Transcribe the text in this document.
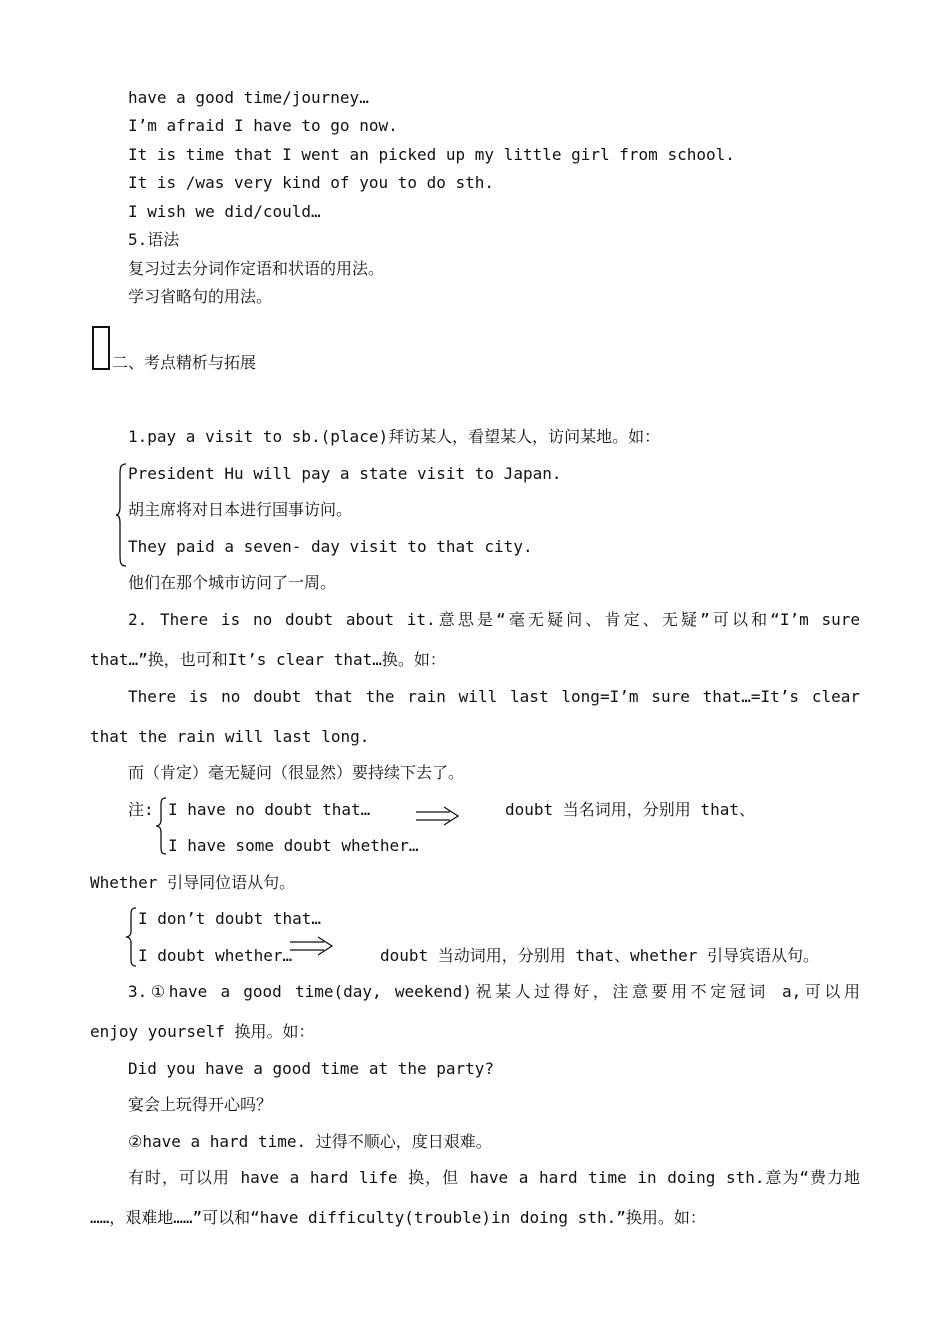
have a good time/journey…
I’m afraid I have to go now.
It is time that I went an picked up my little girl from school.
It is /was very kind of you to do sth.
I wish we did/could…
5.语法
复习过去分词作定语和状语的用法。
学习省略句的用法。
二、考点精析与拓展
1.pay a visit to sb.(place)拜访某人，看望某人，访问某地。如：
President Hu will pay a state visit to Japan.
胡主席将对日本进行国事访问。
They paid a seven- day visit to that city.
他们在那个城市访问了一周。
2. There is no doubt about it.意思是“毫无疑问、肯定、无疑”可以和“I’m sure
that…”换，也可和It’s clear that…换。如：
There is no doubt that the rain will last long=I’m sure that…=It’s clear
that the rain will last long.
而（肯定）毫无疑问（很显然）要持续下去了。
注: I have no doubt that…	doubt 当名词用，分别用 that、
I have some doubt whether…
Whether 引导同位语从句。
I don’t doubt that…
I doubt whether…	doubt 当动词用，分别用 that、whether 引导宾语从句。
3.①have a good time(day, weekend)祝某人过得好，注意要用不定冠词 a,可以用
enjoy yourself 换用。如：
Did you have a good time at the party?
宴会上玩得开心吗？
②have a hard time. 过得不顺心，度日艰难。
有时，可以用 have a hard life 换，但 have a hard time in doing sth.意为“费力地
……，艰难地……”可以和“have difficulty(trouble)in doing sth.”换用。如：
